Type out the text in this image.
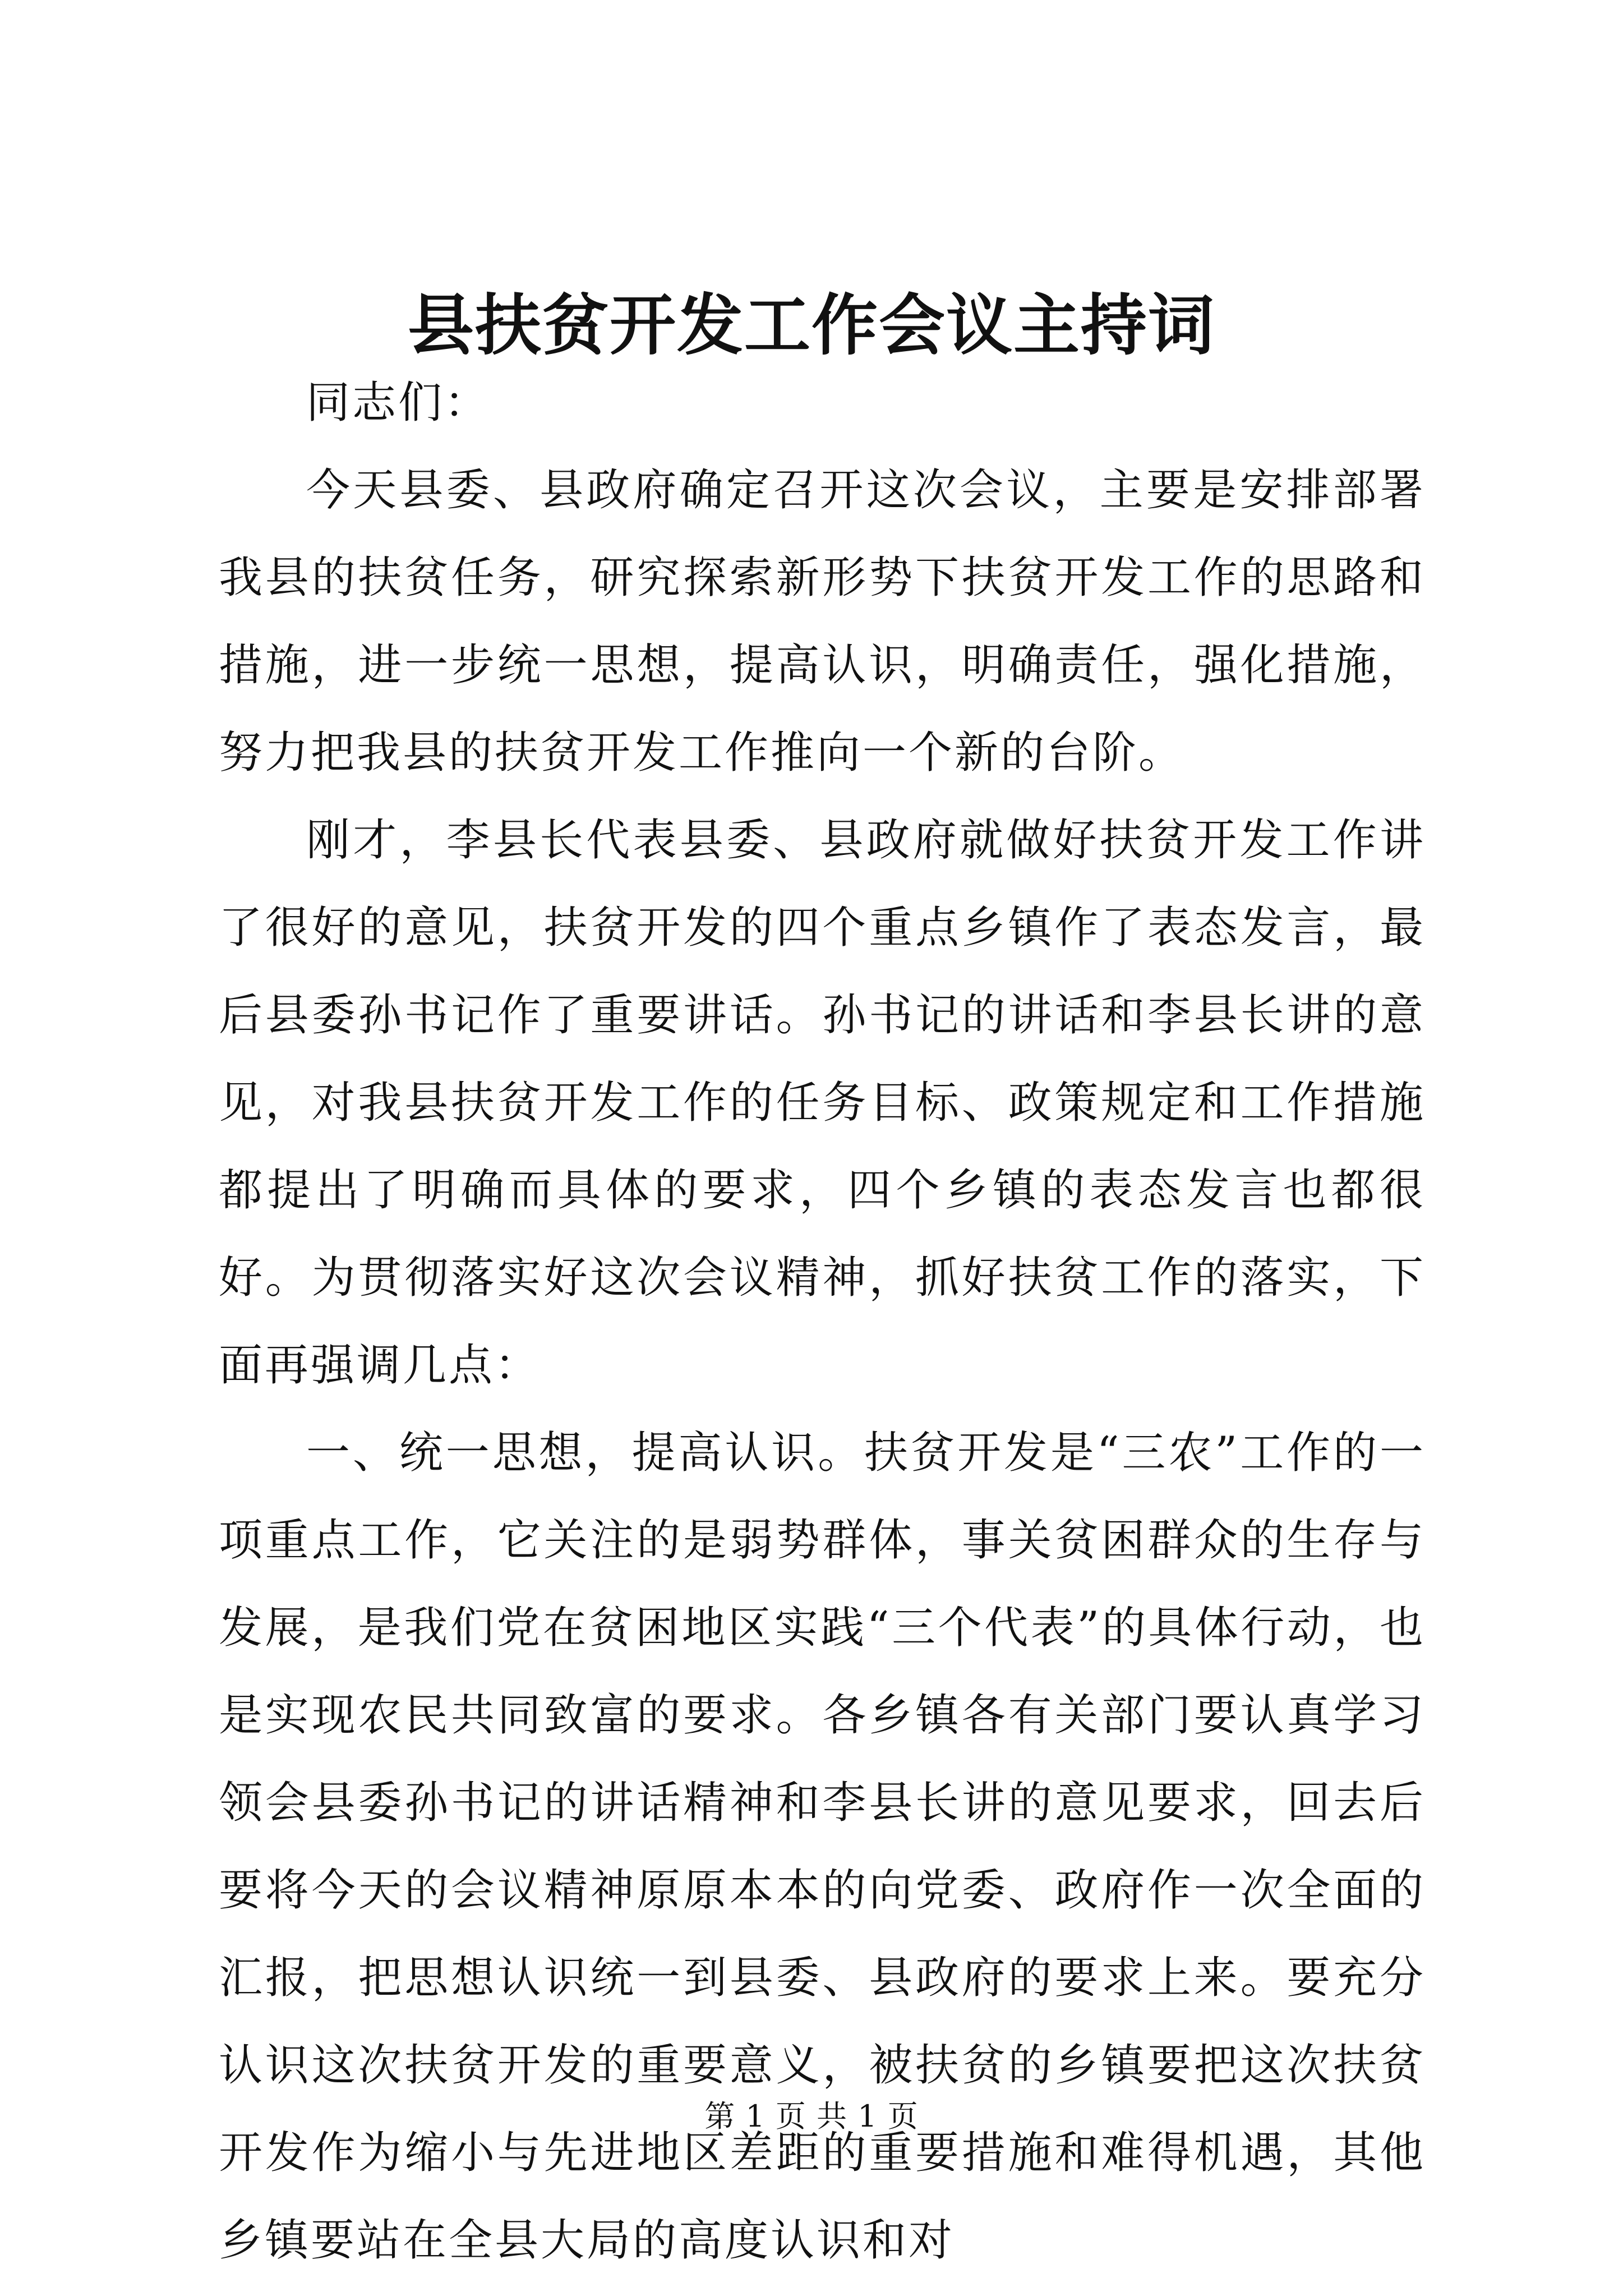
县扶贫开发工作会议主持词

同志们：

今天县委、县政府确定召开这次会议，主要是安排部署我县的扶贫任务，研究探索新形势下扶贫开发工作的思路和措施，进一步统一思想，提高认识，明确责任，强化措施，努力把我县的扶贫开发工作推向一个新的台阶。

刚才，李县长代表县委、县政府就做好扶贫开发工作讲了很好的意见，扶贫开发的四个重点乡镇作了表态发言，最后县委孙书记作了重要讲话。孙书记的讲话和李县长讲的意见，对我县扶贫开发工作的任务目标、政策规定和工作措施都提出了明确而具体的要求，四个乡镇的表态发言也都很好。为贯彻落实好这次会议精神，抓好扶贫工作的落实，下面再强调几点：

一、统一思想，提高认识。扶贫开发是“三农”工作的一项重点工作，它关注的是弱势群体，事关贫困群众的生存与发展，是我们党在贫困地区实践“三个代表”的具体行动，也是实现农民共同致富的要求。各乡镇各有关部门要认真学习领会县委孙书记的讲话精神和李县长讲的意见要求，回去后要将今天的会议精神原原本本的向党委、政府作一次全面的汇报，把思想认识统一到县委、县政府的要求上来。要充分认识这次扶贫开发的重要意义，被扶贫的乡镇要把这次扶贫开发作为缩小与先进地区差距的重要措施和难得机遇，其他乡镇要站在全县大局的高度认识和对

第 1 页 共 1 页
